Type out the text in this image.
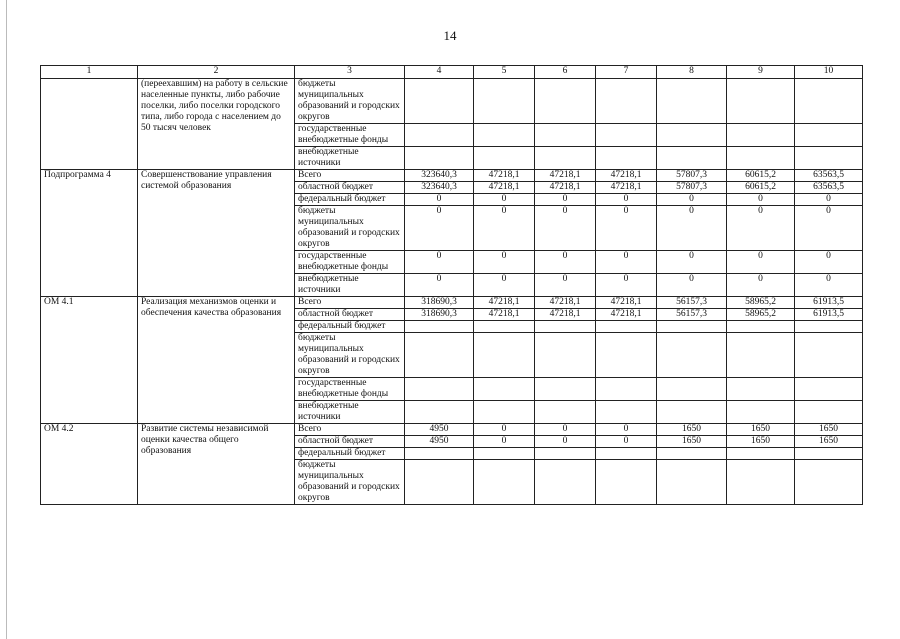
14
1	2	3	4	5	6	7	8	9	10
	(переехавшим) на работу в сельские населенные пункты, либо рабочие поселки, либо поселки городского типа, либо города с населением до 50 тысяч человек	бюджеты муниципальных образований и городских округов							
		государственные внебюджетные фонды							
		внебюджетные источники							
Подпрограмма 4	Совершенствование управления системой образования	Всего	323640,3	47218,1	47218,1	47218,1	57807,3	60615,2	63563,5
		областной бюджет	323640,3	47218,1	47218,1	47218,1	57807,3	60615,2	63563,5
		федеральный бюджет	0	0	0	0	0	0	0
		бюджеты муниципальных образований и городских округов	0	0	0	0	0	0	0
		государственные внебюджетные фонды	0	0	0	0	0	0	0
		внебюджетные источники	0	0	0	0	0	0	0
ОМ 4.1	Реализация механизмов оценки и обеспечения качества образования	Всего	318690,3	47218,1	47218,1	47218,1	56157,3	58965,2	61913,5
		областной бюджет	318690,3	47218,1	47218,1	47218,1	56157,3	58965,2	61913,5
		федеральный бюджет							
		бюджеты муниципальных образований и городских округов							
		государственные внебюджетные фонды							
		внебюджетные источники							
ОМ 4.2	Развитие системы независимой оценки качества общего образования	Всего	4950	0	0	0	1650	1650	1650
		областной бюджет	4950	0	0	0	1650	1650	1650
		федеральный бюджет							
		бюджеты муниципальных образований и городских округов							
